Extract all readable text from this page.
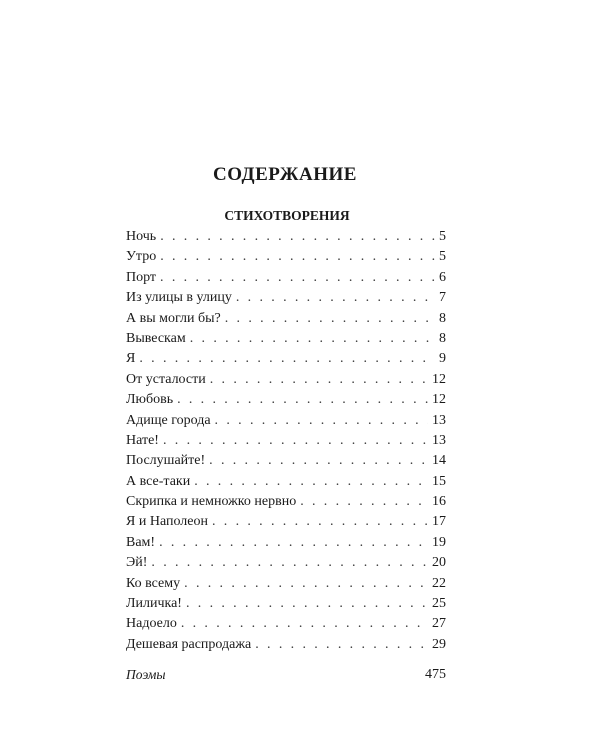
СОДЕРЖАНИЕ
СТИХОТВОРЕНИЯ
Ночь . . .	5
Утро . . .	5
Порт . . .	6
Из улицы в улицу . . .	7
А вы могли бы? . . .	8
Вывескам . . .	8
Я . . .	9
От усталости . . .	12
Любовь . . .	12
Адище города . . .	13
Нате! . . .	13
Послушайте! . . .	14
А все-таки . . .	15
Скрипка и немножко нервно . . .	16
Я и Наполеон . . .	17
Вам! . . .	19
Эй! . . .	20
Ко всему . . .	22
Лиличка! . . .	25
Надоело . . .	27
Дешевая распродажа . . .	29
Поэмы	475
